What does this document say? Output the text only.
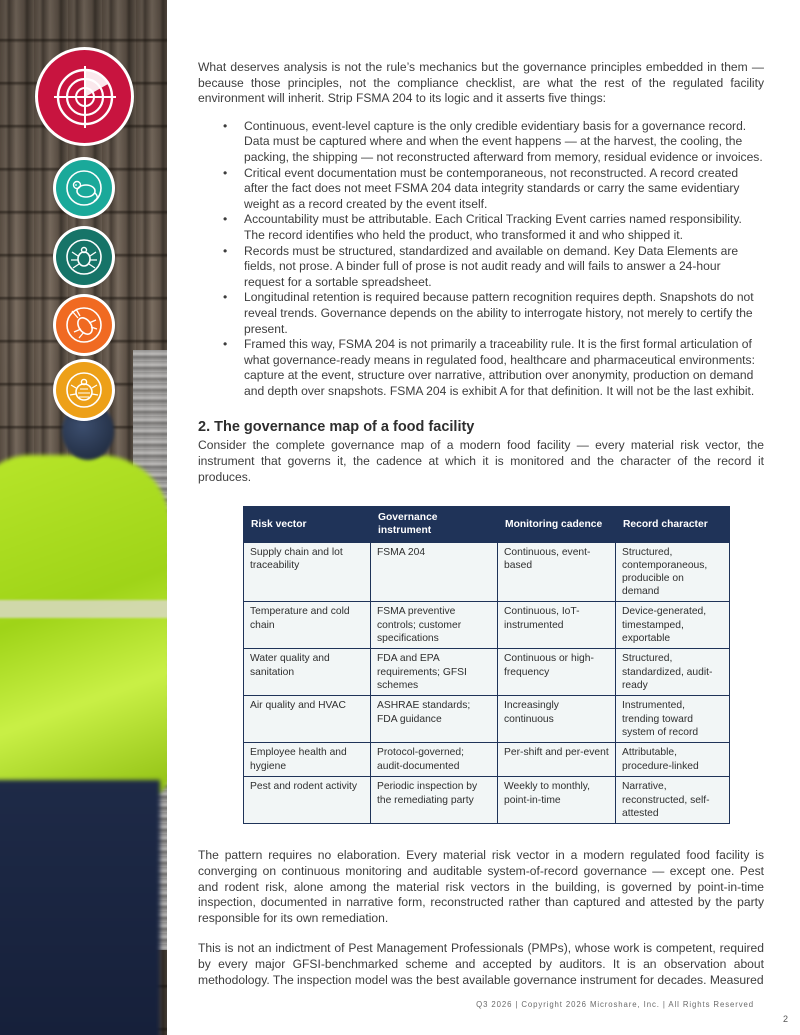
What deserves analysis is not the rule’s mechanics but the governance principles embedded in them — because those principles, not the compliance checklist, are what the rest of the regulated facility environment will inherit. Strip FSMA 204 to its logic and it asserts five things:

• Continuous, event-level capture is the only credible evidentiary basis for a governance record. Data must be captured where and when the event happens — at the harvest, the cooling, the packing, the shipping — not reconstructed afterward from memory, residual evidence or invoices.
• Critical event documentation must be contemporaneous, not reconstructed. A record created after the fact does not meet FSMA 204 data integrity standards or carry the same evidentiary weight as a record created by the event itself.
• Accountability must be attributable. Each Critical Tracking Event carries named responsibility. The record identifies who held the product, who transformed it and who shipped it.
• Records must be structured, standardized and available on demand. Key Data Elements are fields, not prose. A binder full of prose is not audit ready and will fails to answer a 24-hour request for a sortable spreadsheet.
• Longitudinal retention is required because pattern recognition requires depth. Snapshots do not reveal trends. Governance depends on the ability to interrogate history, not merely to certify the present.
• Framed this way, FSMA 204 is not primarily a traceability rule. It is the first formal articulation of what governance-ready means in regulated food, healthcare and pharmaceutical environments: capture at the event, structure over narrative, attribution over anonymity, production on demand and depth over snapshots. FSMA 204 is exhibit A for that definition. It will not be the last exhibit.
2. The governance map of a food facility

Consider the complete governance map of a modern food facility — every material risk vector, the instrument that governs it, the cadence at which it is monitored and the character of the record it produces.

Risk vector	Governance instrument	Monitoring cadence	Record character
Supply chain and lot traceability	FSMA 204	Continuous, event-based	Structured, contemporaneous, producible on demand
Temperature and cold chain	FSMA preventive controls; customer specifications	Continuous, IoT-instrumented	Device-generated, timestamped, exportable
Water quality and sanitation	FDA and EPA requirements; GFSI schemes	Continuous or high-frequency	Structured, standardized, audit-ready
Air quality and HVAC	ASHRAE standards; FDA guidance	Increasingly continuous	Instrumented, trending toward system of record
Employee health and hygiene	Protocol-governed; audit-documented	Per-shift and per-event	Attributable, procedure-linked
Pest and rodent activity	Periodic inspection by the remediating party	Weekly to monthly, point-in-time	Narrative, reconstructed, self-attested

The pattern requires no elaboration. Every material risk vector in a modern regulated food facility is converging on continuous monitoring and auditable system-of-record governance — except one. Pest and rodent risk, alone among the material risk vectors in the building, is governed by point-in-time inspection, documented in narrative form, reconstructed rather than captured and attested by the party responsible for its own remediation.

This is not an indictment of Pest Management Professionals (PMPs), whose work is competent, required by every major GFSI-benchmarked scheme and accepted by auditors. It is an observation about methodology. The inspection model was the best available governance instrument for decades. Measured

Q3 2026 | Copyright 2026 Microshare, Inc. | All Rights Reserved
2
